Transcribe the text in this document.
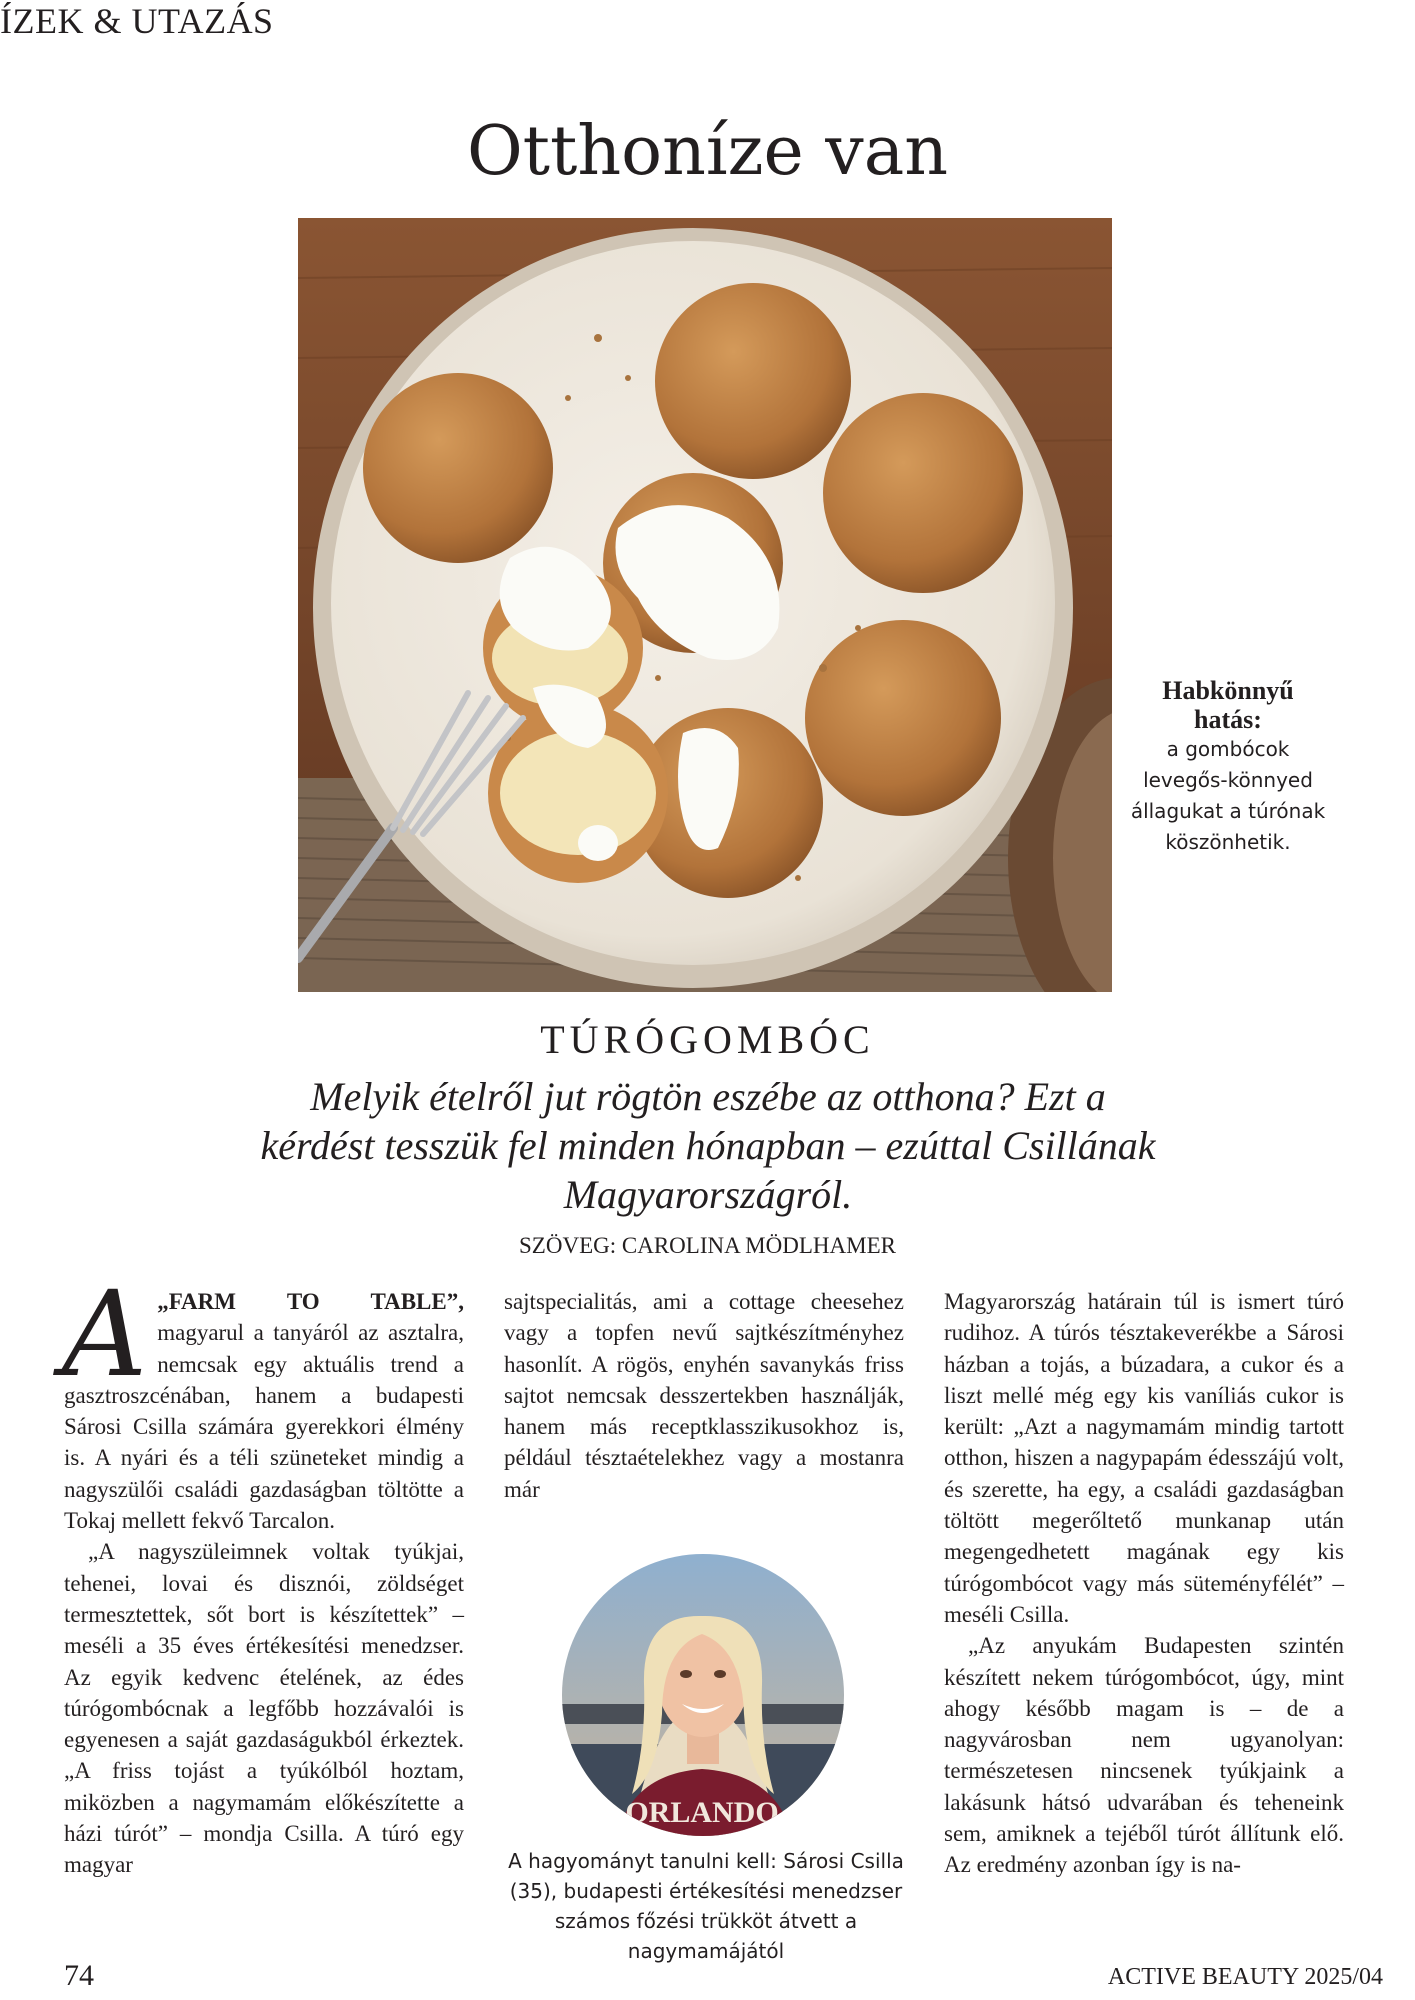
ÍZEK & UTAZÁS
Otthoníze van
Habkönnyű hatás:
a gombócok levegős-könnyed állagukat a túrónak köszönhetik.
TÚRÓGOMBÓC
Melyik ételről jut rögtön eszébe az otthona? Ezt a kérdést tesszük fel minden hónapban – ezúttal Csillának Magyarországról.
SZÖVEG: CAROLINA MÖDLHAMER

A „FARM TO TABLE”, magyarul a tanyáról az asztalra, nemcsak egy aktuális trend a gasztroszcénában, hanem a budapesti Sárosi Csilla számára gyerekkori élmény is. A nyári és a téli szüneteket mindig a nagyszülői családi gazdaságban töltötte a Tokaj mellett fekvő Tarcalon.

„A nagyszüleimnek voltak tyúkjai, tehenei, lovai és disznói, zöldséget termesztettek, sőt bort is készítettek” – meséli a 35 éves értékesítési menedzser. Az egyik kedvenc ételének, az édes túrógombócnak a legfőbb hozzávalói is egyenesen a saját gazdaságukból érkeztek. „A friss tojást a tyúkólból hoztam, miközben a nagymamám előkészítette a házi túrót” – mondja Csilla. A túró egy magyar

sajtspecialitás, ami a cottage cheesehez vagy a topfen nevű sajtkészítményhez hasonlít. A rögös, enyhén savanykás friss sajtot nemcsak desszertekben használják, hanem más receptklasszikusokhoz is, például tésztaételekhez vagy a mostanra már

ORLANDO
A hagyományt tanulni kell: Sárosi Csilla (35), budapesti értékesítési menedzser számos főzési trükköt átvett a nagymamájától

Magyarország határain túl is ismert túró rudihoz. A túrós tésztakeverékbe a Sárosi házban a tojás, a búzadara, a cukor és a liszt mellé még egy kis vaníliás cukor is került: „Azt a nagymamám mindig tartott otthon, hiszen a nagypapám édesszájú volt, és szerette, ha egy, a családi gazdaságban töltött megerőltető munkanap után megengedhetett magának egy kis túrógombócot vagy más süteményfélét” – meséli Csilla.

„Az anyukám Budapesten szintén készített nekem túrógombócot, úgy, mint ahogy később magam is – de a nagyvárosban nem ugyanolyan: természetesen nincsenek tyúkjaink a lakásunk hátsó udvarában és teheneink sem, amiknek a tejéből túrót állítunk elő. Az eredmény azonban így is na-

74	ACTIVE BEAUTY 2025/04
